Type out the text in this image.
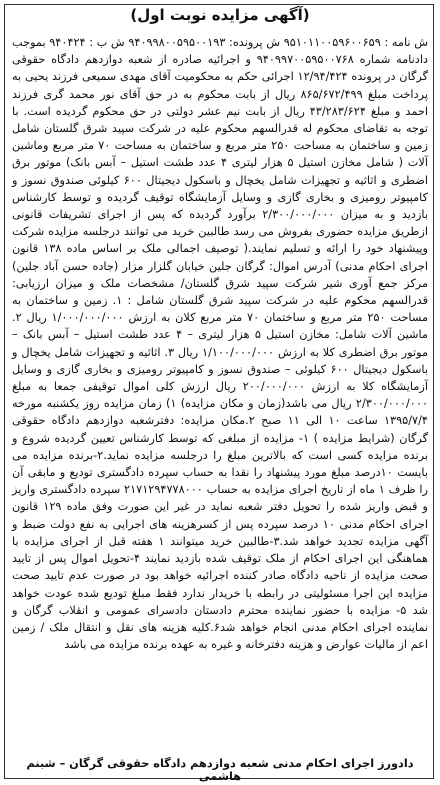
(آگهی مزایده نوبت اول)

ش نامه : ۹۵۱۰۱۱۰۰۵۹۶۰۰۶۵۹ ش پرونده: ۹۴۰۹۹۸۰۰۵۹۵۰۰۱۹۳ ش ب : ۹۴۰۴۲۴ بموجب دادنامه شماره ۹۴۰۹۹۷۰۰۵۹۵۰۰۷۶۸ و اجرائیه صادره از شعبه دوازدهم دادگاه حقوقی گرگان در پرونده ۱۲/۹۴/۴۲۴ اجرائی حکم به محکومیت آقای مهدی سمیعی فرزند یحیی به پرداخت مبلغ ۸۶۵/۶۷۲/۴۹۹ ریال از بابت محکوم به در حق آقای نور محمد گری فرزند احمد و مبلغ ۴۳/۲۸۳/۶۲۴ ریال از بابت نیم عشر دولتی در حق محکوم گردیده است. با توجه به تقاضای محکوم له قدرالسهم محکوم علیه در شرکت سپید شرق گلستان شامل زمین و ساختمان به مساحت ۲۵۰ متر مربع و ساختمان به مساحت ۷۰ متر مربع وماشین آلات ( شامل مخازن استیل ۵ هزار لیتری ۴ عدد طشت استیل – آبس بانک) موتور برق اضطری و اثاثیه و تجهیزات شامل یخچال و باسکول دیجیتال ۶۰۰ کیلوئی صندوق نسوز و کامپیوتر رومیزی و بخاری گازی و وسایل آزمایشگاه توقیف گردیده و توسط کارشناس بازدید و به میزان ۲/۳۰۰/۰۰۰/۰۰۰ برآورد گردیده که پس از اجرای تشریفات قانونی ازطریق مزایده حضوری بفروش می رسد طالبین خرید می توانند درجلسه مزایده شرکت وپیشنهاد خود را ارائه و تسلیم نمایند.( توصیف اجمالی ملک بر اساس ماده ۱۳۸ قانون اجرای احکام مدنی) آدرس اموال: گرگان جلین خیابان گلزار مزار (جاده حسن آباد جلین) مرکز جمع آوری شیر شرکت سپید شرق گلستان/ مشخصات ملک و میزان ارزیابی: قدرالسهم محکوم علیه در شرکت سپید شرق گلستان شامل : ۱. زمین و ساختمان به مساحت ۲۵۰ متر مربع و ساختمان ۷۰ متر مربع کلان به ارزش ۱/۰۰۰/۰۰۰/۰۰۰ ریال ۲. ماشین آلات شامل: مخازن استیل ۵ هزار لیتری – ۴ عدد طشت استیل – آبس بانک – موتور برق اضطری کلا به ارزش ۱/۱۰۰/۰۰۰/۰۰۰ ریال ۳. اثاثیه و تجهیزات شامل یخچال و باسکول دیجیتال ۶۰۰ کیلوئی – صندوق نسوز و کامپیوتر رومیزی و بخاری گازی و وسایل آزمایشگاه کلا به ارزش ۲۰۰/۰۰۰/۰۰۰ ریال ارزش کلی اموال توقیفی جمعا به مبلغ ۲/۳۰۰/۰۰۰/۰۰۰ ریال می باشد(زمان و مکان مزایده) ۱) زمان مزایده روز یکشنبه مورخه ۱۳۹۵/۷/۴ ساعت ۱۰ الی ۱۱ صبح ۲.مکان مزایده: دفترشعبه دوازدهم دادگاه حقوقی گرگان (شرایط مزایده ) ۱- مزایده از مبلغی که توسط کارشناس تعیین گردیده شروع و برنده مزایده کسی است که بالاترین مبلغ را درجلسه مزایده نماید.۲-برنده مزایده می بایست ۱۰درصد مبلغ مورد پیشنهاد را نقدا به حساب سپرده دادگستری تودیع و مابقی آن را ظرف ۱ ماه از تاریخ اجرای مزایده به حساب ۲۱۷۱۲۹۴۷۷۸۰۰۰ سپرده دادگستری واریز و قبض واریز شده را تحویل دفتر شعبه نماید در غیر این صورت وفق ماده ۱۲۹ قانون اجرای احکام مدنی ۱۰ درصد سپرده پس از کسرهزینه های اجرایی به نفع دولت ضبط و آگهی مزایده تجدید خواهد شد.۳-طالبین خرید میتوانند ۱ هفته قبل از اجرای مزایده با هماهنگی این اجرای احکام از ملک توقیف شده بازدید نمایند ۴-تحویل اموال پس از تایید صحت مزایده از ناحیه دادگاه صادر کننده اجرائیه خواهد بود در صورت عدم تایید صحت مزایده این اجرا مسئولیتی در رابطه با خریدار ندارد فقط مبلغ تودیع شده عودت خواهد شد ۵- مزایده با حضور نماینده محترم دادستان دادسرای عمومی و انقلاب گرگان و نماینده اجرای احکام مدنی انجام خواهد شد۶.کلیه هزینه های نقل و انتقال ملک / زمین اعم از مالیات عوارض و هزینه دفترخانه و غیره به عهده برنده مزایده می باشد

دادورز اجرای احکام مدنی شعبه دوازدهم دادگاه حقوقی گرگان – شبنم هاشمی
